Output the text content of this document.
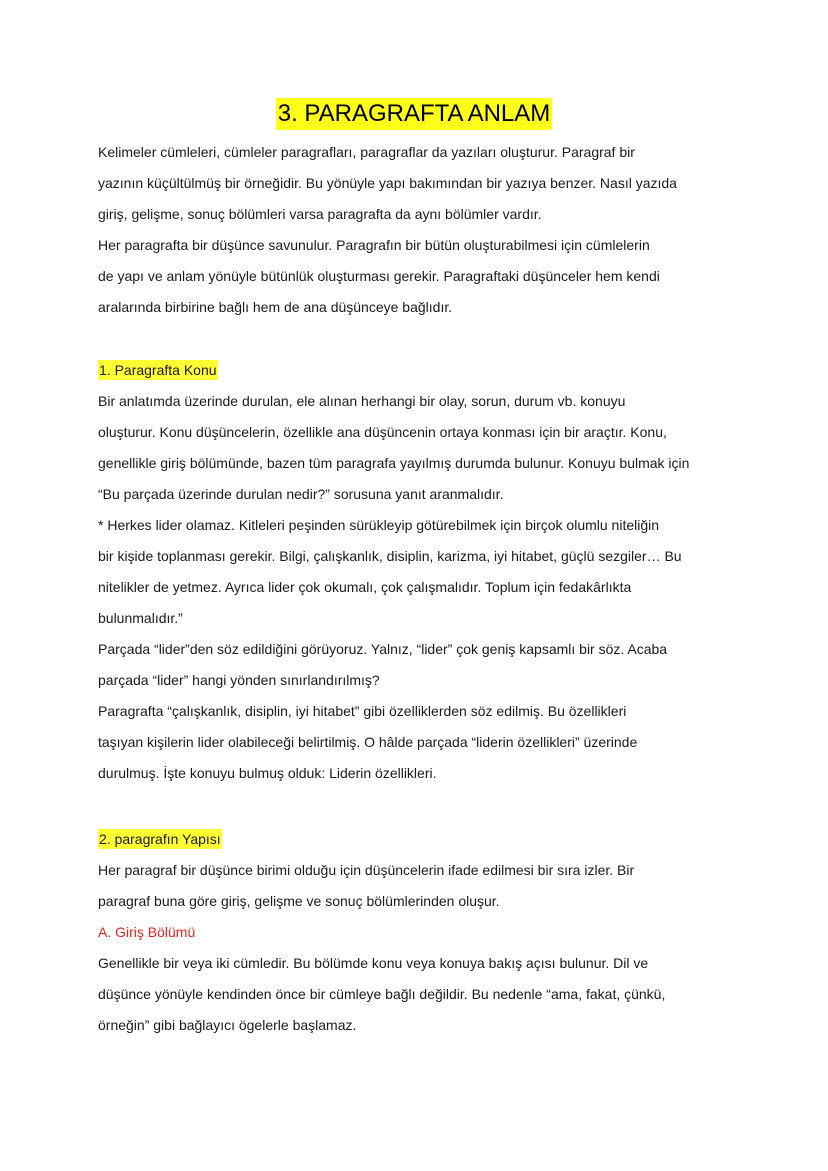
3. PARAGRAFTA ANLAM
Kelimeler cümleleri, cümleler paragrafları, paragraflar da yazıları oluşturur. Paragraf bir
yazının küçültülmüş bir örneğidir. Bu yönüyle yapı bakımından bir yazıya benzer. Nasıl yazıda
giriş, gelişme, sonuç bölümleri varsa paragrafta da aynı bölümler vardır.
Her paragrafta bir düşünce savunulur. Paragrafın bir bütün oluşturabilmesi için cümlelerin
de yapı ve anlam yönüyle bütünlük oluşturması gerekir. Paragraftaki düşünceler hem kendi
aralarında birbirine bağlı hem de ana düşünceye bağlıdır.
1. Paragrafta Konu
Bir anlatımda üzerinde durulan, ele alınan herhangi bir olay, sorun, durum vb. konuyu
oluşturur. Konu düşüncelerin, özellikle ana düşüncenin ortaya konması için bir araçtır. Konu,
genellikle giriş bölümünde, bazen tüm paragrafa yayılmış durumda bulunur. Konuyu bulmak için
“Bu parçada üzerinde durulan nedir?” sorusuna yanıt aranmalıdır.
* Herkes lider olamaz. Kitleleri peşinden sürükleyip götürebilmek için birçok olumlu niteliğin
bir kişide toplanması gerekir. Bilgi, çalışkanlık, disiplin, karizma, iyi hitabet, güçlü sezgiler… Bu
nitelikler de yetmez. Ayrıca lider çok okumalı, çok çalışmalıdır. Toplum için fedakârlıkta
bulunmalıdır.”
Parçada “lider”den söz edildiğini görüyoruz. Yalnız, “lider” çok geniş kapsamlı bir söz. Acaba
parçada “lider” hangi yönden sınırlandırılmış?
Paragrafta “çalışkanlık, disiplin, iyi hitabet” gibi özelliklerden söz edilmiş. Bu özellikleri
taşıyan kişilerin lider olabileceği belirtilmiş. O hâlde parçada “liderin özellikleri” üzerinde
durulmuş. İşte konuyu bulmuş olduk: Liderin özellikleri.
2. paragrafın Yapısı
Her paragraf bir düşünce birimi olduğu için düşüncelerin ifade edilmesi bir sıra izler. Bir
paragraf buna göre giriş, gelişme ve sonuç bölümlerinden oluşur.
A. Giriş Bölümü
Genellikle bir veya iki cümledir. Bu bölümde konu veya konuya bakış açısı bulunur. Dil ve
düşünce yönüyle kendinden önce bir cümleye bağlı değildir. Bu nedenle “ama, fakat, çünkü,
örneğin” gibi bağlayıcı ögelerle başlamaz.
